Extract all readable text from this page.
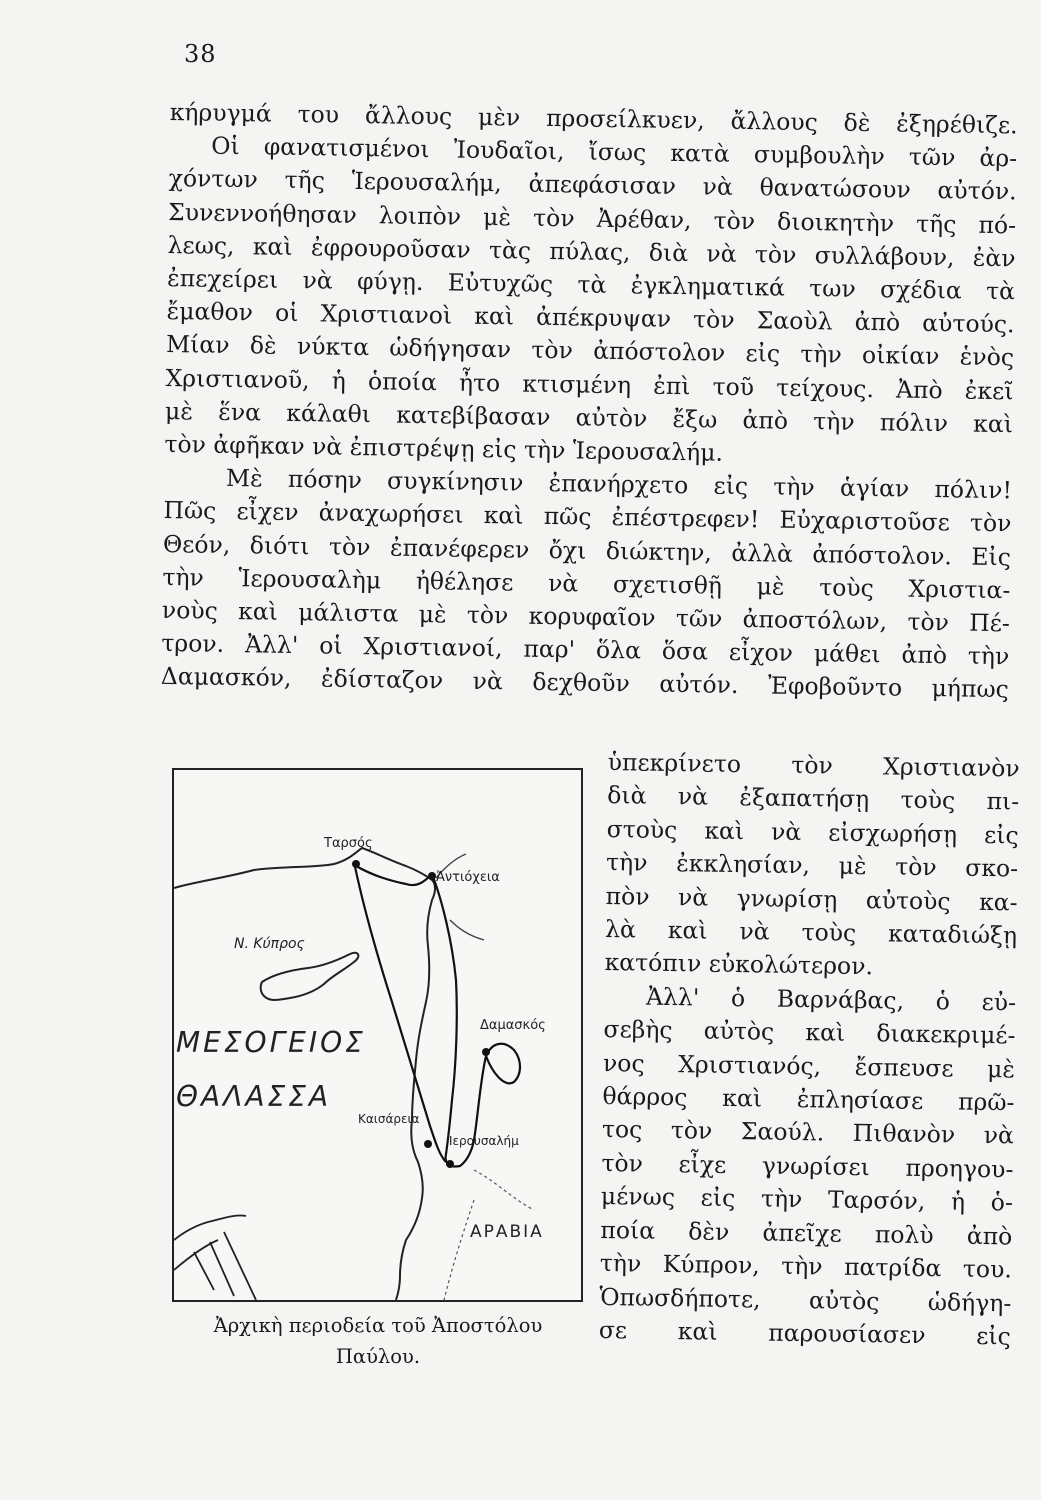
38
κήρυγμά του ἄλλους μὲν προσείλκυεν, ἄλλους δὲ ἐξηρέθιζε.
Οἱ φανατισμένοι Ἰουδαῖοι, ἴσως κατὰ συμβουλὴν τῶν ἀρ-
χόντων τῆς Ἱερουσαλήμ, ἀπεφάσισαν νὰ θανατώσουν αὐτόν.
Συνεννοήθησαν λοιπὸν μὲ τὸν Ἀρέθαν, τὸν διοικητὴν τῆς πό-
λεως, καὶ ἐφρουροῦσαν τὰς πύλας, διὰ νὰ τὸν συλλάβουν, ἐὰν
ἐπεχείρει νὰ φύγῃ. Εὐτυχῶς τὰ ἐγκληματικά των σχέδια τὰ
ἔμαθον οἱ Χριστιανοὶ καὶ ἀπέκρυψαν τὸν Σαοὺλ ἀπὸ αὐτούς.
Μίαν δὲ νύκτα ὡδήγησαν τὸν ἀπόστολον εἰς τὴν οἰκίαν ἑνὸς
Χριστιανοῦ, ἡ ὁποία ἦτο κτισμένη ἐπὶ τοῦ τείχους. Ἀπὸ ἐκεῖ
μὲ ἕνα κάλαθι κατεβίβασαν αὐτὸν ἔξω ἀπὸ τὴν πόλιν καὶ
τὸν ἀφῆκαν νὰ ἐπιστρέψῃ εἰς τὴν Ἱερουσαλήμ.
Μὲ πόσην συγκίνησιν ἐπανήρχετο εἰς τὴν ἁγίαν πόλιν!
Πῶς εἶχεν ἀναχωρήσει καὶ πῶς ἐπέστρεφεν! Εὐχαριστοῦσε τὸν
Θεόν, διότι τὸν ἐπανέφερεν ὄχι διώκτην, ἀλλὰ ἀπόστολον. Εἰς
τὴν Ἱερουσαλὴμ ἠθέλησε νὰ σχετισθῇ μὲ τοὺς Χριστια-
νοὺς καὶ μάλιστα μὲ τὸν κορυφαῖον τῶν ἀποστόλων, τὸν Πέ-
τρον. Ἀλλ' οἱ Χριστιανοί, παρ' ὅλα ὅσα εἶχον μάθει ἀπὸ τὴν
Δαμασκόν, ἐδίσταζον νὰ δεχθοῦν αὐτόν. Ἐφοβοῦντο μήπως
ὑπεκρίνετο τὸν Χριστιανὸν
διὰ νὰ ἐξαπατήσῃ τοὺς πι-
στοὺς καὶ νὰ εἰσχωρήσῃ εἰς
τὴν ἐκκλησίαν, μὲ τὸν σκο-
πὸν νὰ γνωρίσῃ αὐτοὺς κα-
λὰ καὶ νὰ τοὺς καταδιώξῃ
κατόπιν εὐκολώτερον.
Ἀλλ' ὁ Βαρνάβας, ὁ εὐ-
σεβὴς αὐτὸς καὶ διακεκριμέ-
νος Χριστιανός, ἔσπευσε μὲ
θάρρος καὶ ἐπλησίασε πρῶ-
τος τὸν Σαούλ. Πιθανὸν νὰ
τὸν εἶχε γνωρίσει προηγου-
μένως εἰς τὴν Ταρσόν, ἡ ὁ-
ποία δὲν ἀπεῖχε πολὺ ἀπὸ
τὴν Κύπρον, τὴν πατρίδα του.
Ὁπωσδήποτε, αὐτὸς ὡδήγη-
σε καὶ παρουσίασεν εἰς
Ταρσός
Ἀντιόχεια
Ν. Κύπρος
ΜΕΣΟΓΕΙΟΣ
ΘΑΛΑΣΣΑ
Δαμασκός
Καισάρεια
Ἱερουσαλήμ
ΑΡΑΒΙΑ
Ἀρχικὴ περιοδεία τοῦ Ἀποστόλου
Παύλου.
